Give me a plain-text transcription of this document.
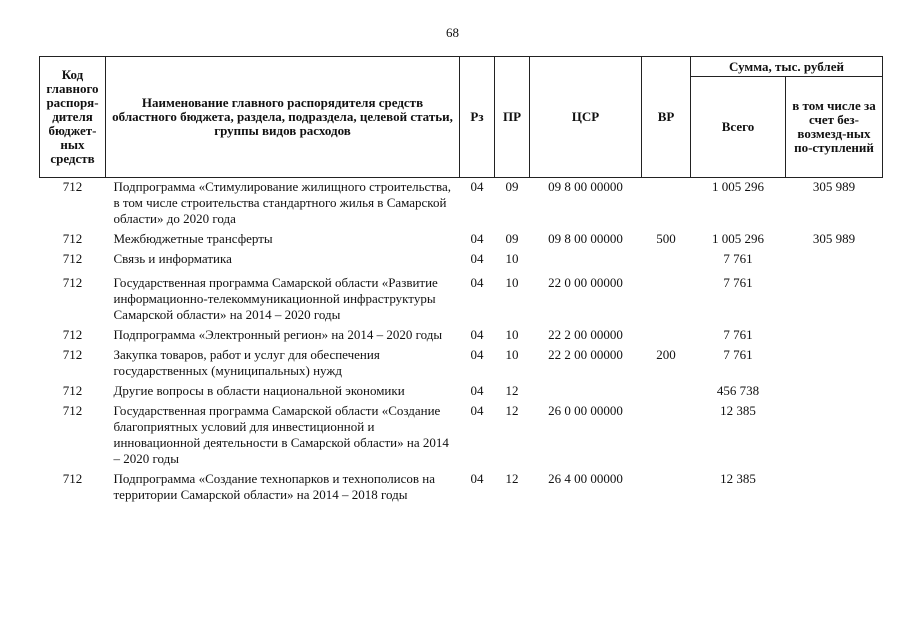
68
Код главного распоря-дителя бюджет-ных средств	Наименование главного распорядителя средств областного бюджета, раздела, подраздела, целевой статьи, группы видов расходов	Рз	ПР	ЦСР	ВР	Сумма, тыс. рублей	
						Всего	в том числе за счет без-возмезд-ных по-ступлений
712	Подпрограмма «Стимулирование жилищного строительства, в том числе строительства стандартного жилья в Самарской области» до 2020 года	04	09	09 8 00 00000		1 005 296	305 989
712	Межбюджетные трансферты	04	09	09 8 00 00000	500	1 005 296	305 989
712	Связь и информатика	04	10			7 761	
712	Государственная программа Самарской области «Развитие информационно-телекоммуникационной инфраструктуры Самарской области» на 2014 – 2020 годы	04	10	22 0 00 00000		7 761	
712	Подпрограмма «Электронный регион» на 2014 – 2020 годы	04	10	22 2 00 00000		7 761	
712	Закупка товаров, работ и услуг для обеспечения государственных (муниципальных) нужд	04	10	22 2 00 00000	200	7 761	
712	Другие вопросы в области национальной экономики	04	12			456 738	
712	Государственная программа Самарской области «Создание благоприятных условий для инвестиционной и инновационной деятельности в Самарской области» на 2014 – 2020 годы	04	12	26 0 00 00000		12 385	
712	Подпрограмма «Создание технопарков и технополисов на территории Самарской области» на 2014 – 2018 годы	04	12	26 4 00 00000		12 385	
